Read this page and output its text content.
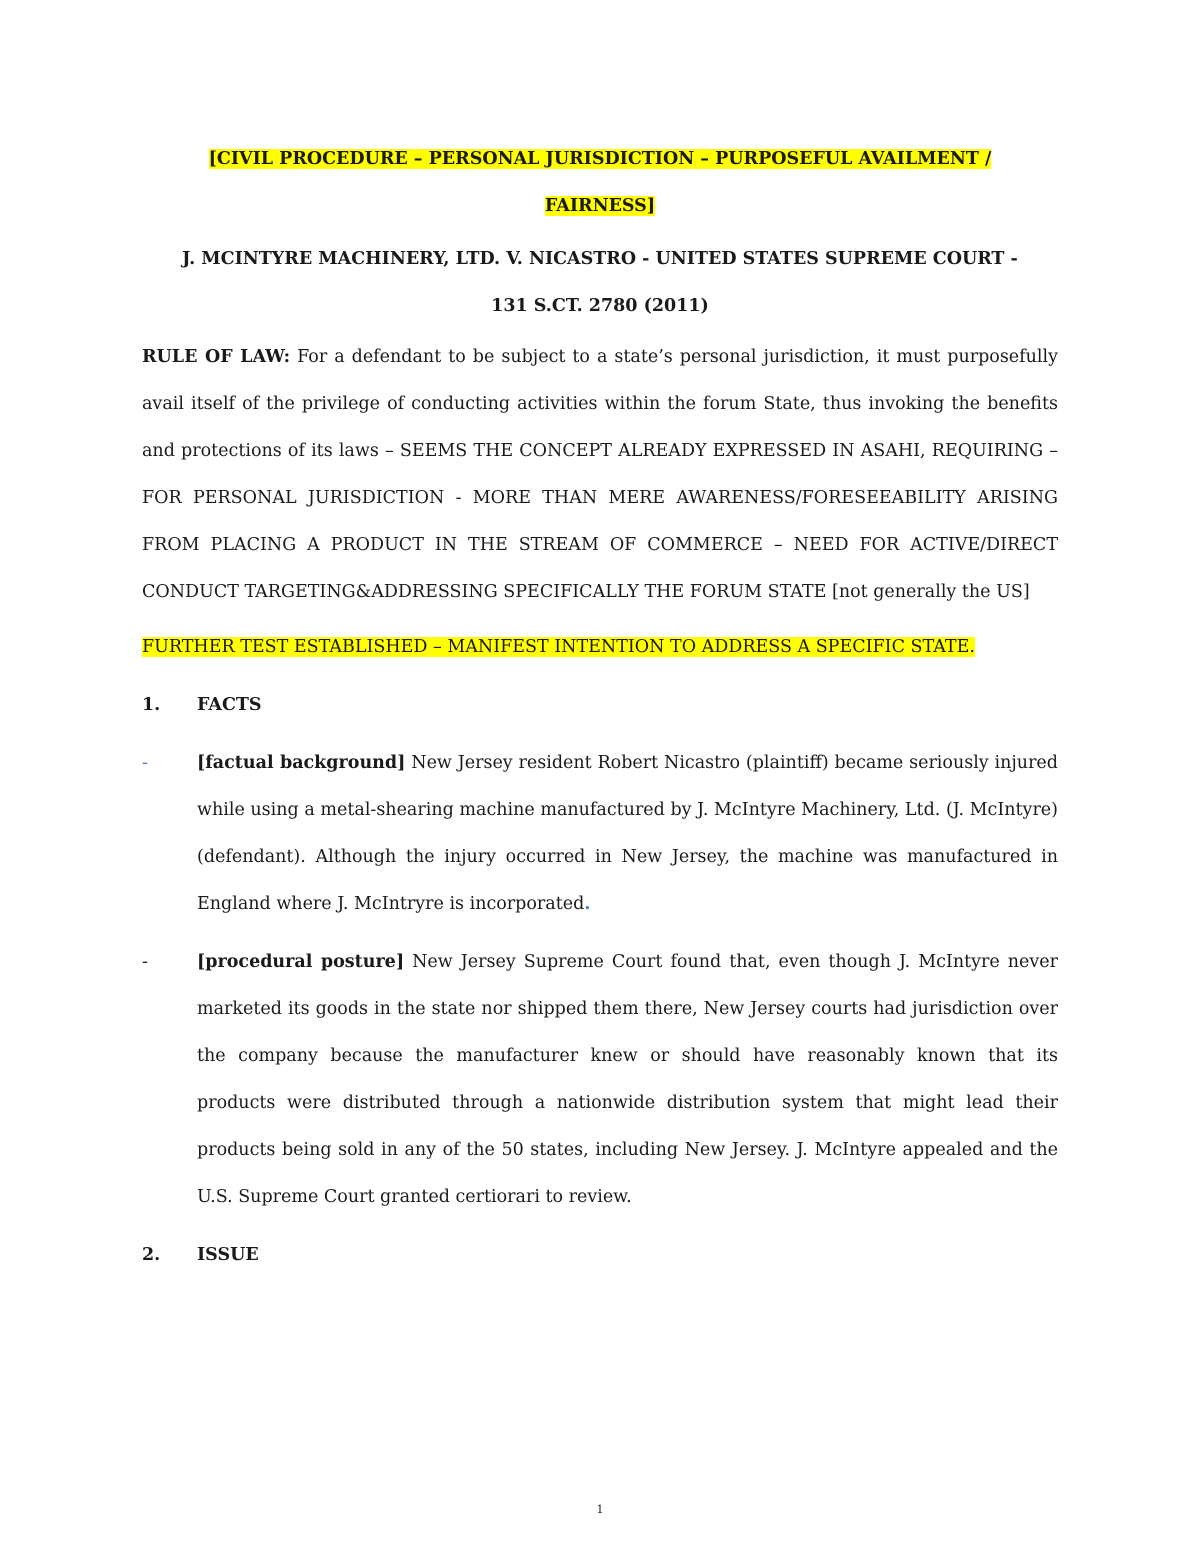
[CIVIL PROCEDURE – PERSONAL JURISDICTION – PURPOSEFUL AVAILMENT /
FAIRNESS]
J. MCINTYRE MACHINERY, LTD. V. NICASTRO - UNITED STATES SUPREME COURT -
131 S.CT. 2780 (2011)

RULE OF LAW: For a defendant to be subject to a state’s personal jurisdiction, it must purposefully avail itself of the privilege of conducting activities within the forum State, thus invoking the benefits and protections of its laws – SEEMS THE CONCEPT ALREADY EXPRESSED IN ASAHI, REQUIRING – FOR PERSONAL JURISDICTION - MORE THAN MERE AWARENESS/FORESEEABILITY ARISING FROM PLACING A PRODUCT IN THE STREAM OF COMMERCE – NEED FOR ACTIVE/DIRECT CONDUCT TARGETING&ADDRESSING SPECIFICALLY THE FORUM STATE [not generally the US]

FURTHER TEST ESTABLISHED – MANIFEST INTENTION TO ADDRESS A SPECIFIC STATE.

1.	FACTS
-	[factual background] New Jersey resident Robert Nicastro (plaintiff) became seriously injured while using a metal-shearing machine manufactured by J. McIntyre Machinery, Ltd. (J. McIntyre) (defendant). Although the injury occurred in New Jersey, the machine was manufactured in England where J. McIntryre is incorporated.
-	[procedural posture] New Jersey Supreme Court found that, even though J. McIntyre never marketed its goods in the state nor shipped them there, New Jersey courts had jurisdiction over the company because the manufacturer knew or should have reasonably known that its products were distributed through a nationwide distribution system that might lead their products being sold in any of the 50 states, including New Jersey. J. McIntyre appealed and the U.S. Supreme Court granted certiorari to review.
2.	ISSUE
1
